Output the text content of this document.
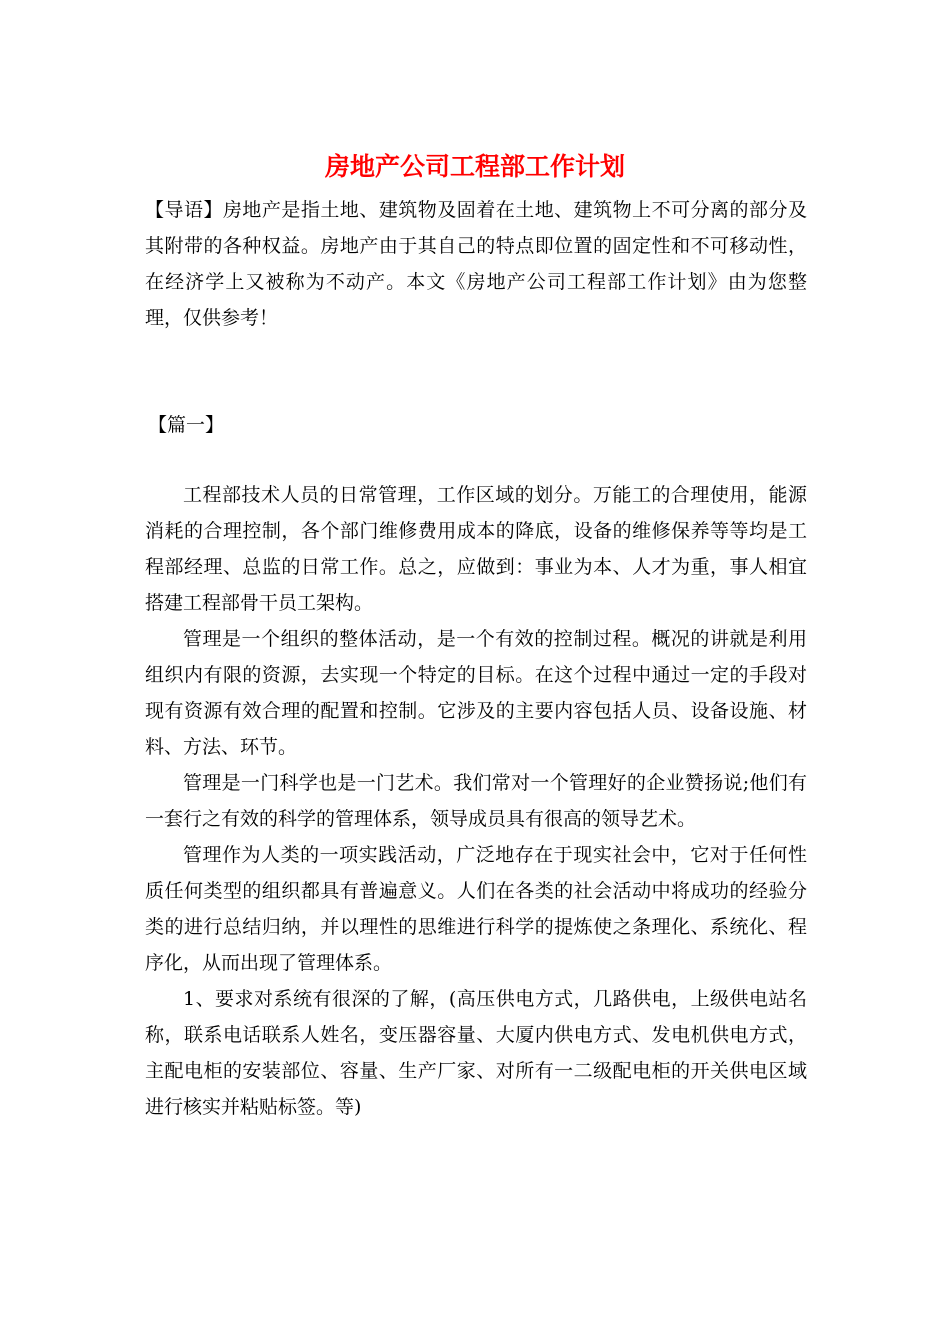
房地产公司工程部工作计划

【导语】房地产是指土地、建筑物及固着在土地、建筑物上不可分离的部分及其附带的各种权益。房地产由于其自己的特点即位置的固定性和不可移动性，在经济学上又被称为不动产。本文《房地产公司工程部工作计划》由为您整理，仅供参考！

【篇一】

工程部技术人员的日常管理，工作区域的划分。万能工的合理使用，能源消耗的合理控制，各个部门维修费用成本的降底，设备的维修保养等等均是工程部经理、总监的日常工作。总之，应做到：事业为本、人才为重，事人相宜搭建工程部骨干员工架构。

管理是一个组织的整体活动，是一个有效的控制过程。概况的讲就是利用组织内有限的资源，去实现一个特定的目标。在这个过程中通过一定的手段对现有资源有效合理的配置和控制。它涉及的主要内容包括人员、设备设施、材料、方法、环节。

管理是一门科学也是一门艺术。我们常对一个管理好的企业赞扬说;他们有一套行之有效的科学的管理体系，领导成员具有很高的领导艺术。

管理作为人类的一项实践活动，广泛地存在于现实社会中，它对于任何性质任何类型的组织都具有普遍意义。人们在各类的社会活动中将成功的经验分类的进行总结归纳，并以理性的思维进行科学的提炼使之条理化、系统化、程序化，从而出现了管理体系。

1、要求对系统有很深的了解，(高压供电方式，几路供电，上级供电站名称，联系电话联系人姓名，变压器容量、大厦内供电方式、发电机供电方式，主配电柜的安装部位、容量、生产厂家、对所有一二级配电柜的开关供电区域进行核实并粘贴标签。等)
